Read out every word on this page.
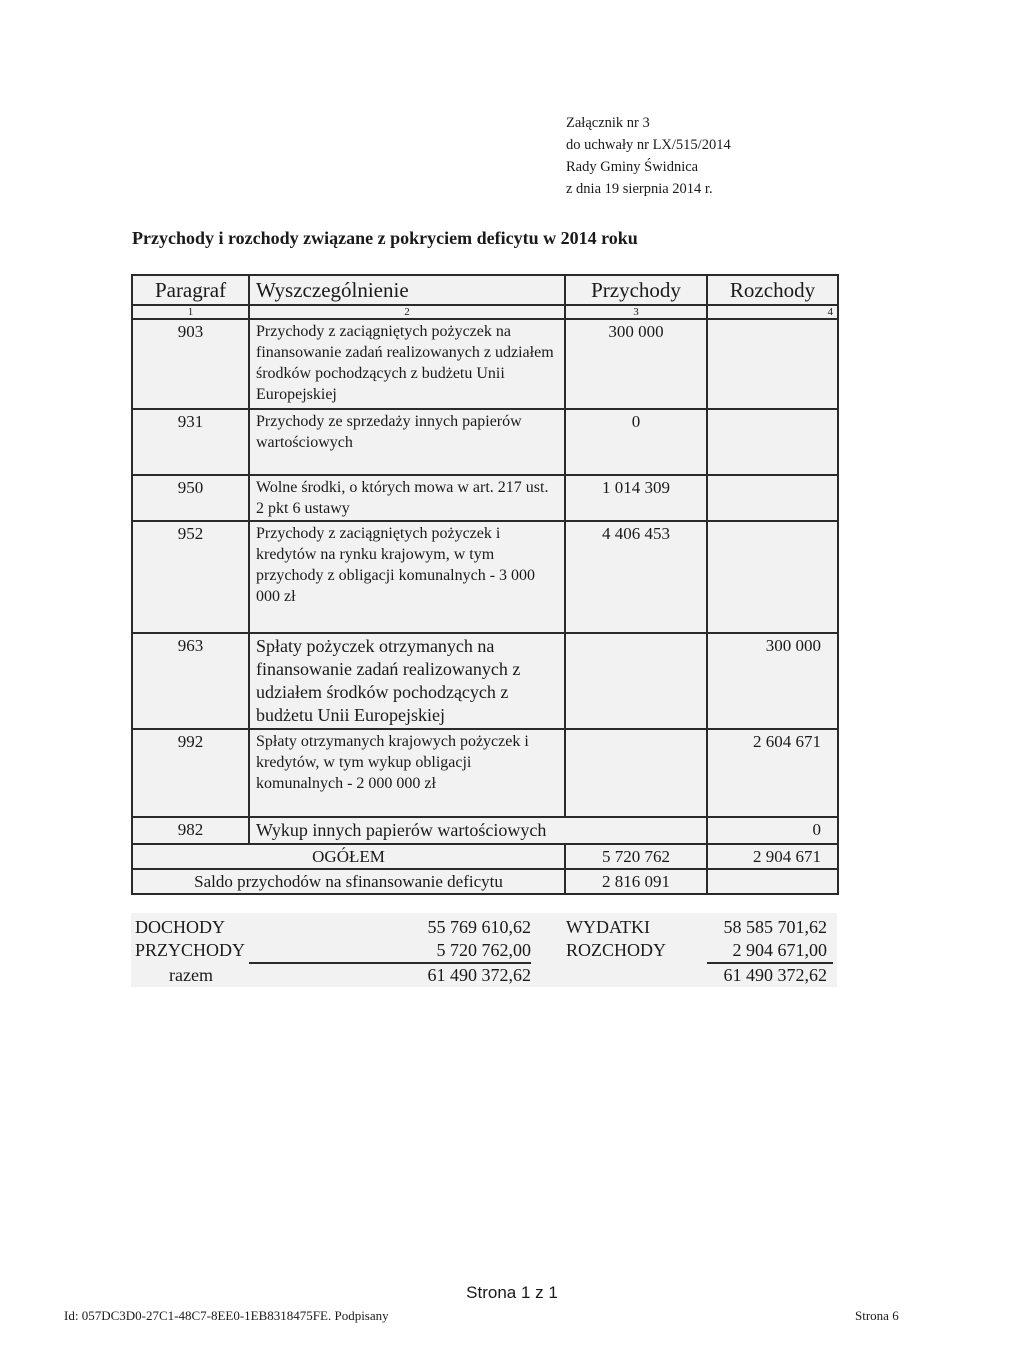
Załącznik nr 3
do uchwały nr LX/515/2014
Rady Gminy Świdnica
z dnia 19 sierpnia 2014 r.
Przychody i rozchody związane z pokryciem deficytu w 2014 roku
Paragraf	Wyszczególnienie	Przychody	Rozchody
1	2	3	4
903	Przychody z zaciągniętych pożyczek na finansowanie zadań realizowanych z udziałem środków pochodzących z budżetu Unii Europejskiej	300 000	
931	Przychody ze sprzedaży innych papierów wartościowych	0	
950	Wolne środki, o których mowa w art. 217 ust. 2 pkt 6 ustawy	1 014 309	
952	Przychody z zaciągniętych pożyczek i kredytów na rynku krajowym, w tym przychody z obligacji komunalnych - 3 000 000 zł	4 406 453	
963	Spłaty pożyczek otrzymanych na finansowanie zadań realizowanych z udziałem środków pochodzących z budżetu Unii Europejskiej		300 000
992	Spłaty otrzymanych krajowych pożyczek i kredytów, w tym wykup obligacji komunalnych - 2 000 000 zł		2 604 671
982	Wykup innych papierów wartościowych		0
OGÓŁEM		5 720 762	2 904 671
Saldo przychodów na sfinansowanie deficytu		2 816 091	
DOCHODY	55 769 610,62 WYDATKI	58 585 701,62
PRZYCHODY	5 720 762,00 ROZCHODY	2 904 671,00
razem	61 490 372,62	61 490 372,62
Strona 1 z 1
Id: 057DC3D0-27C1-48C7-8EE0-1EB8318475FE. Podpisany	Strona 6
